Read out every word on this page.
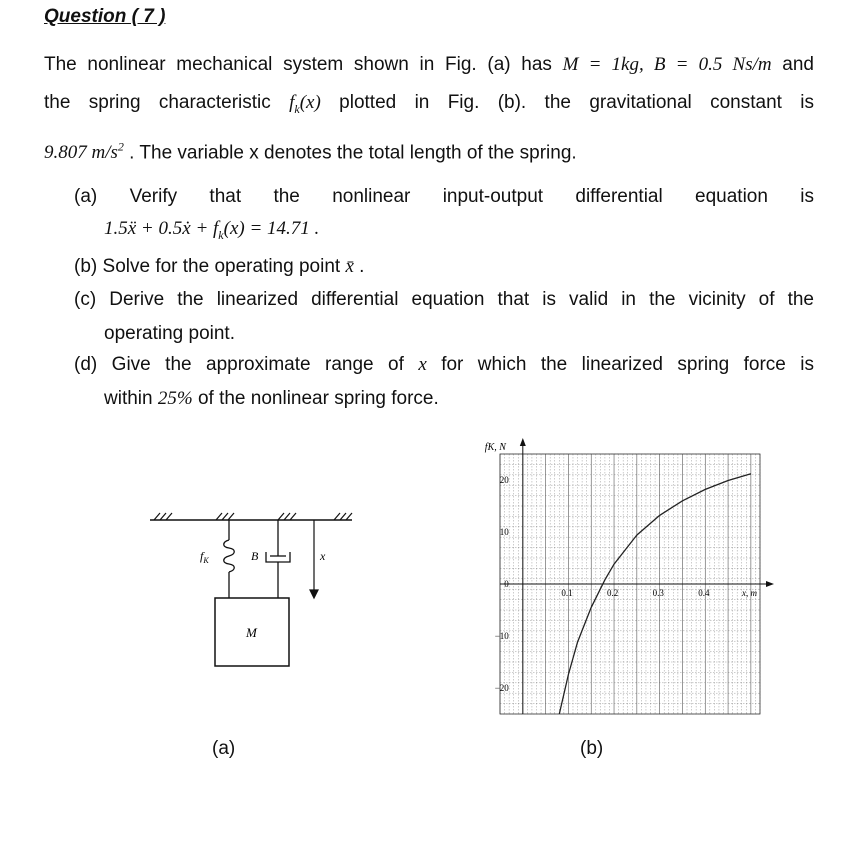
Question ( 7 )
The nonlinear mechanical system shown in Fig. (a) has M = 1kg, B = 0.5 Ns/m and
the spring characteristic $f_k(x)$ plotted in Fig. (b). the gravitational constant is
9.807 $m/s^2$ . The variable x denotes the total length of the spring.
(a) Verify that the nonlinear input-output differential equation is
1.5ẍ + 0.5ẋ + $f_k(x) = 14.71$ .
(b) Solve for the operating point x̄ .
(c) Derive the linearized differential equation that is valid in the vicinity of the
operating point.
(d) Give the approximate range of x for which the linearized spring force is
within 25% of the nonlinear spring force.
$f_K$	B
M
x
(a)
0.1	0.2	0.3	0.4
20
10
0
−10
−20
fK, N
x, m
(b)
